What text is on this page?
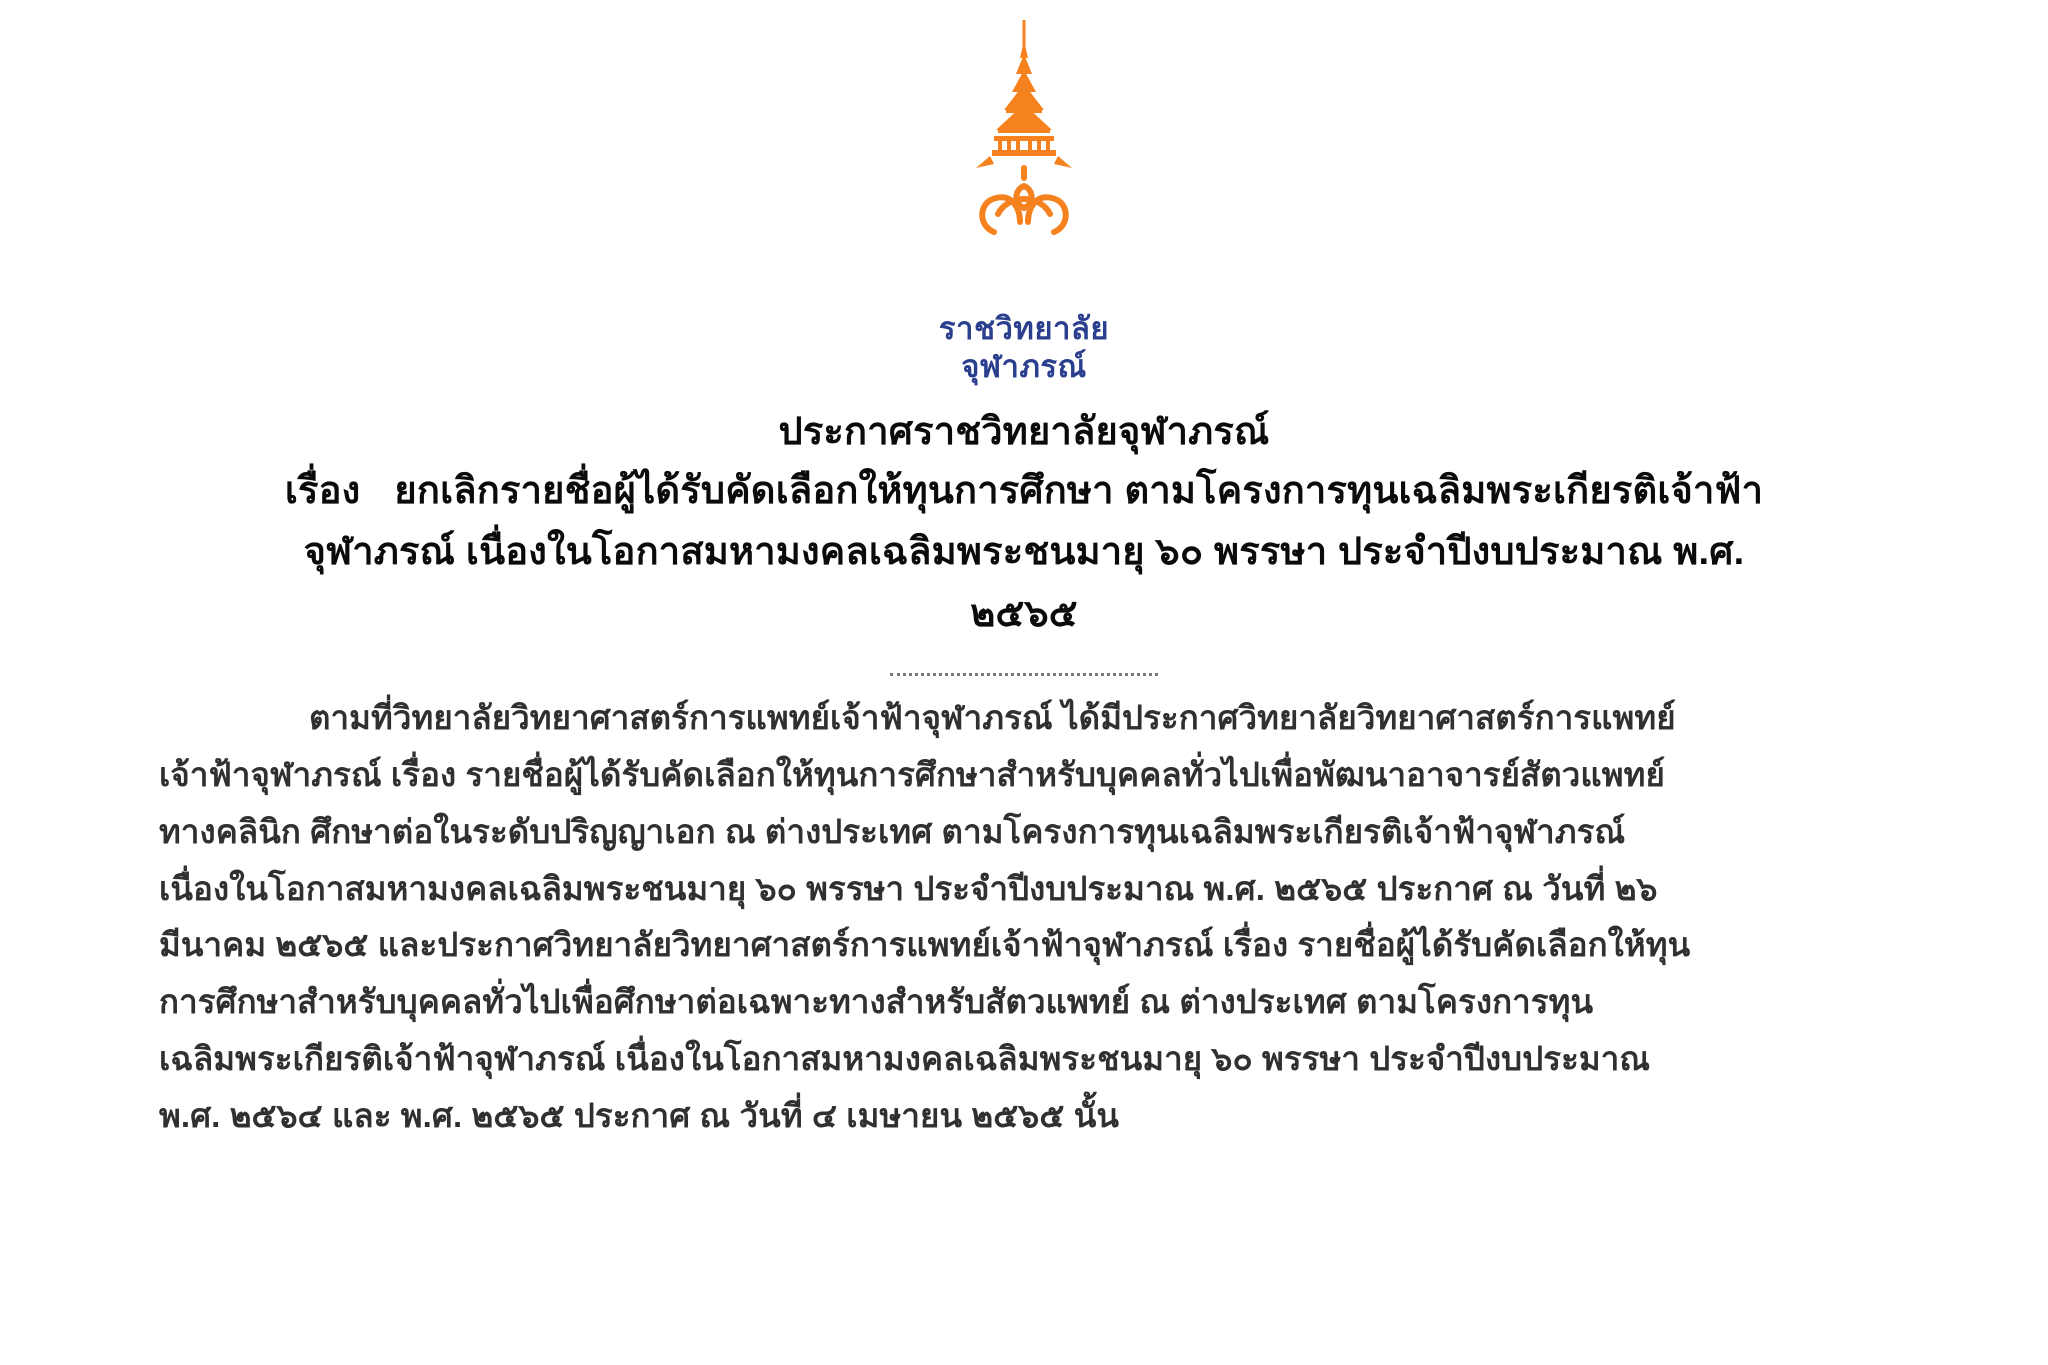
ราชวิทยาลัย
จุฬาภรณ์
ประกาศราชวิทยาลัยจุฬาภรณ์
เรื่อง ยกเลิกรายชื่อผู้ได้รับคัดเลือกให้ทุนการศึกษา ตามโครงการทุนเฉลิมพระเกียรติเจ้าฟ้า
จุฬาภรณ์ เนื่องในโอกาสมหามงคลเฉลิมพระชนมายุ ๖๐ พรรษา ประจำปีงบประมาณ พ.ศ.
๒๕๖๕

ตามที่วิทยาลัยวิทยาศาสตร์การแพทย์เจ้าฟ้าจุฬาภรณ์ ได้มีประกาศวิทยาลัยวิทยาศาสตร์การแพทย์

เจ้าฟ้าจุฬาภรณ์ เรื่อง รายชื่อผู้ได้รับคัดเลือกให้ทุนการศึกษาสำหรับบุคคลทั่วไปเพื่อพัฒนาอาจารย์สัตวแพทย์

ทางคลินิก ศึกษาต่อในระดับปริญญาเอก ณ ต่างประเทศ ตามโครงการทุนเฉลิมพระเกียรติเจ้าฟ้าจุฬาภรณ์

เนื่องในโอกาสมหามงคลเฉลิมพระชนมายุ ๖๐ พรรษา ประจำปีงบประมาณ พ.ศ. ๒๕๖๕ ประกาศ ณ วันที่ ๒๖

มีนาคม ๒๕๖๕ และประกาศวิทยาลัยวิทยาศาสตร์การแพทย์เจ้าฟ้าจุฬาภรณ์ เรื่อง รายชื่อผู้ได้รับคัดเลือกให้ทุน

การศึกษาสำหรับบุคคลทั่วไปเพื่อศึกษาต่อเฉพาะทางสำหรับสัตวแพทย์ ณ ต่างประเทศ ตามโครงการทุน

เฉลิมพระเกียรติเจ้าฟ้าจุฬาภรณ์ เนื่องในโอกาสมหามงคลเฉลิมพระชนมายุ ๖๐ พรรษา ประจำปีงบประมาณ

พ.ศ. ๒๕๖๔ และ พ.ศ. ๒๕๖๕ ประกาศ ณ วันที่ ๔ เมษายน ๒๕๖๕ นั้น
